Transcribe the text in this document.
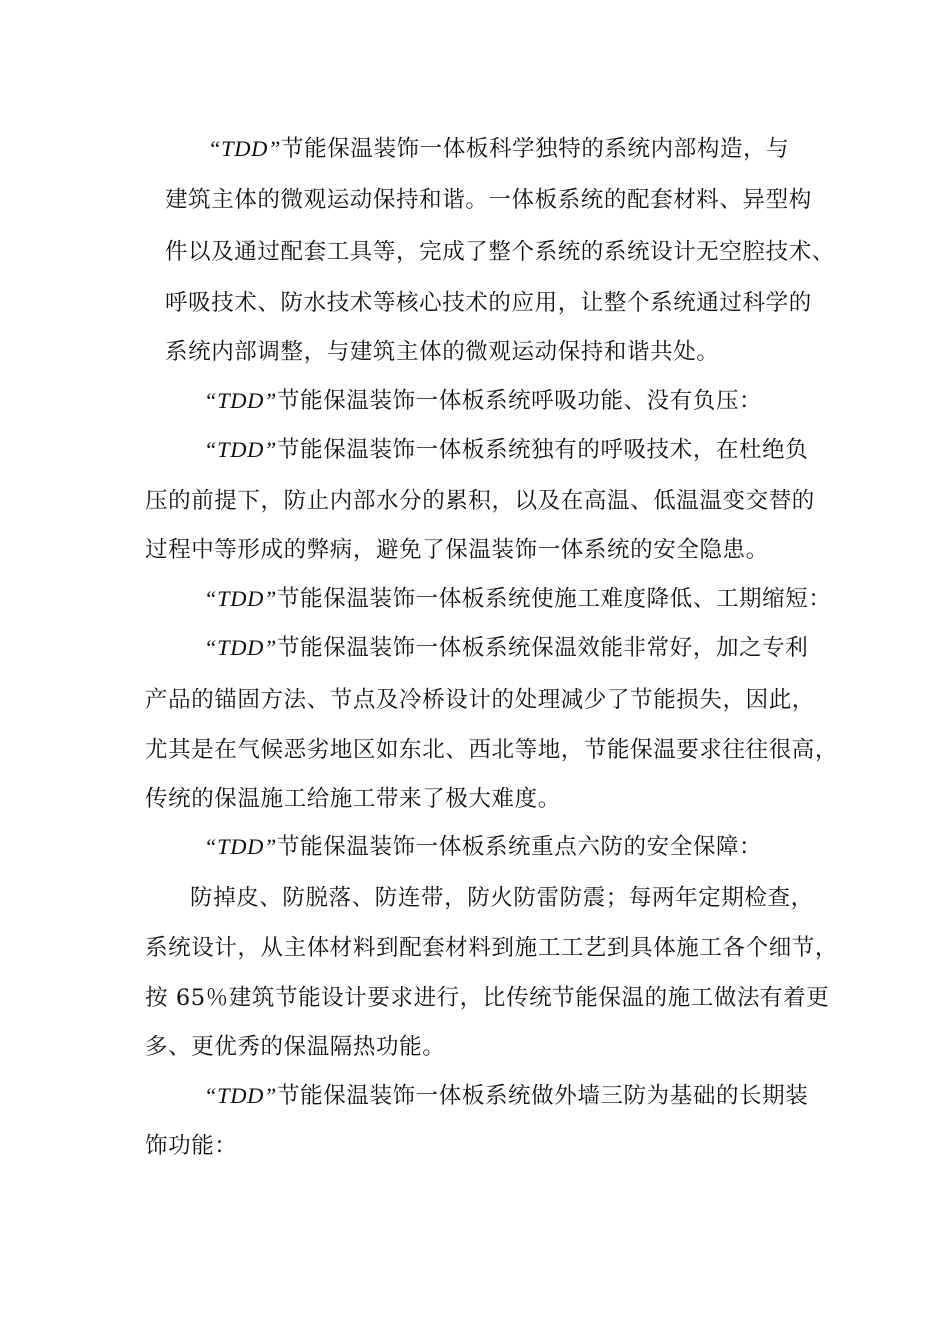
“TDD”节能保温装饰一体板科学独特的系统内部构造，与
建筑主体的微观运动保持和谐。一体板系统的配套材料、异型构
件以及通过配套工具等，完成了整个系统的系统设计无空腔技术、
呼吸技术、防水技术等核心技术的应用，让整个系统通过科学的
系统内部调整，与建筑主体的微观运动保持和谐共处。
“TDD”节能保温装饰一体板系统呼吸功能、没有负压：
“TDD”节能保温装饰一体板系统独有的呼吸技术，在杜绝负
压的前提下，防止内部水分的累积，以及在高温、低温温变交替的
过程中等形成的弊病，避免了保温装饰一体系统的安全隐患。
“TDD”节能保温装饰一体板系统使施工难度降低、工期缩短：
“TDD”节能保温装饰一体板系统保温效能非常好，加之专利
产品的锚固方法、节点及冷桥设计的处理减少了节能损失，因此，
尤其是在气候恶劣地区如东北、西北等地，节能保温要求往往很高，
传统的保温施工给施工带来了极大难度。
“TDD”节能保温装饰一体板系统重点六防的安全保障：
防掉皮、防脱落、防连带，防火防雷防震；每两年定期检查，
系统设计，从主体材料到配套材料到施工工艺到具体施工各个细节，
按 65％建筑节能设计要求进行，比传统节能保温的施工做法有着更
多、更优秀的保温隔热功能。
“TDD”节能保温装饰一体板系统做外墙三防为基础的长期装
饰功能：
